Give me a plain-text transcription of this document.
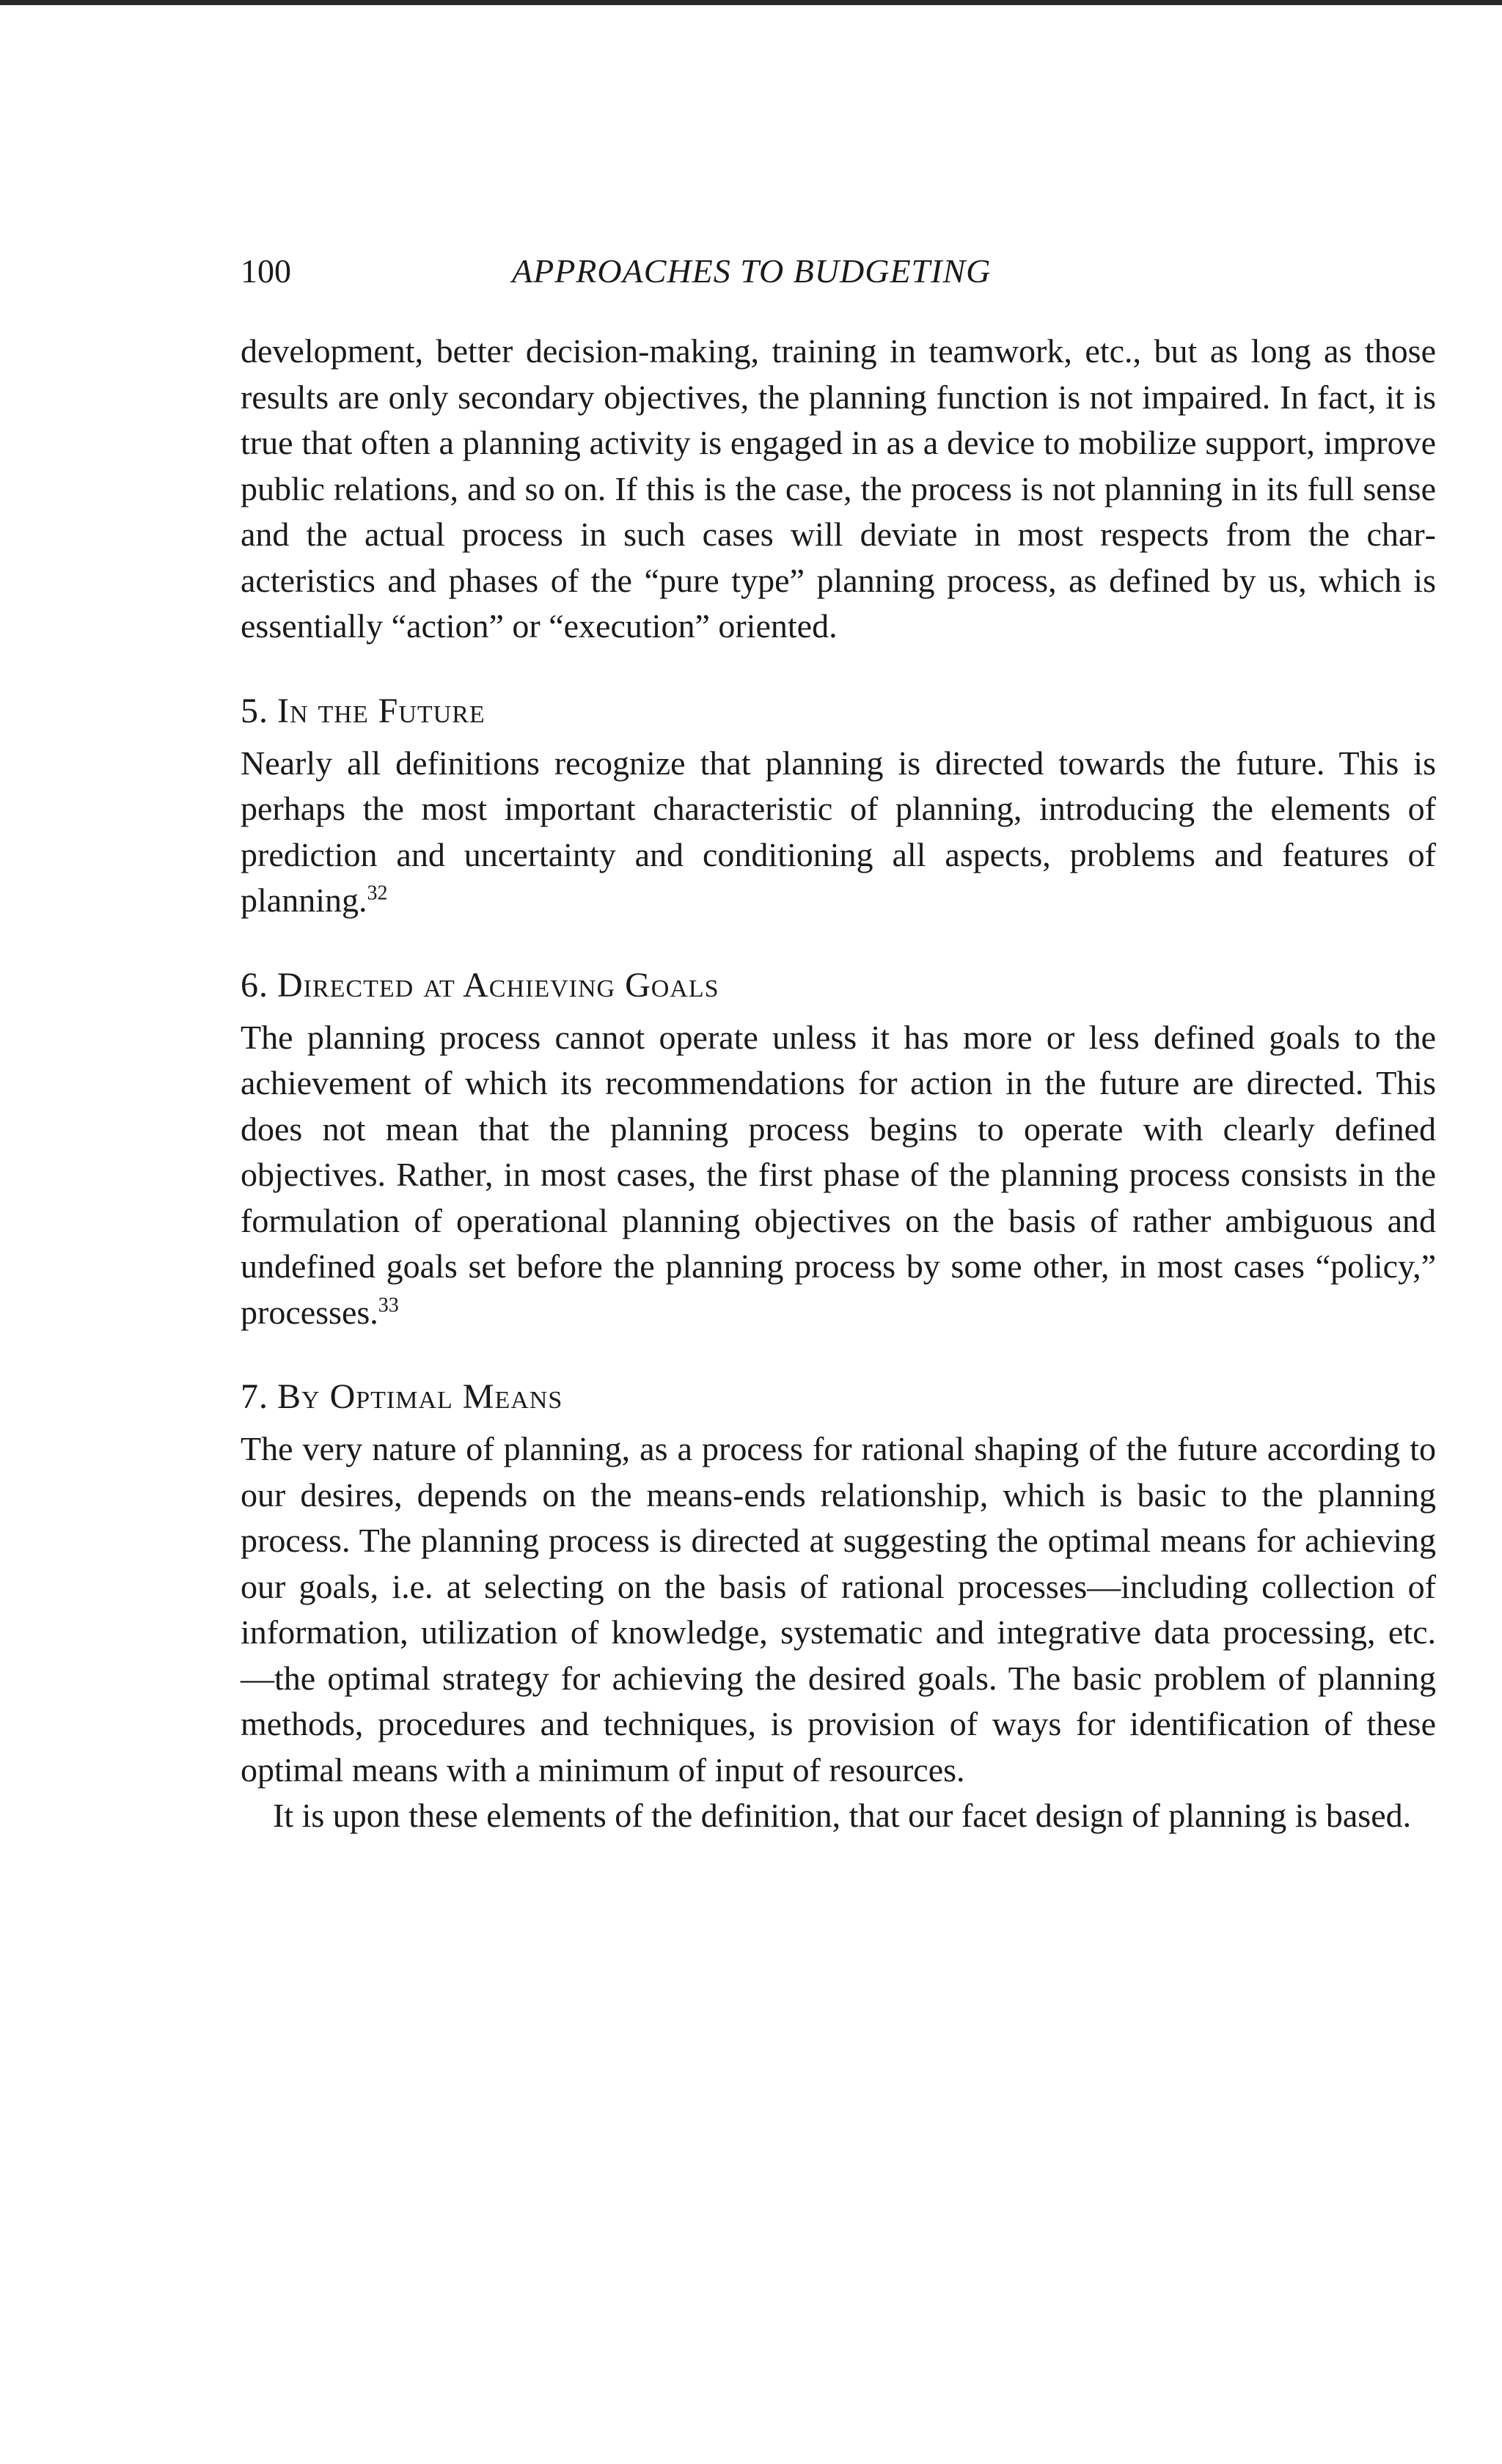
100	APPROACHES TO BUDGETING

development, better decision-making, training in teamwork, etc., but as long as those results are only secondary objectives, the planning function is not impaired. In fact, it is true that often a planning activity is engaged in as a device to mobilize support, improve public relations, and so on. If this is the case, the process is not planning in its full sense and the actual process in such cases will deviate in most respects from the characteristics and phases of the “pure type” planning process, as defined by us, which is essentially “action” or “execution” oriented.

5. In the Future

Nearly all definitions recognize that planning is directed towards the future. This is perhaps the most important characteristic of planning, introducing the elements of prediction and uncertainty and conditioning all aspects, problems and features of planning.$^{32}$

6. Directed at Achieving Goals

The planning process cannot operate unless it has more or less defined goals to the achievement of which its recommendations for action in the future are directed. This does not mean that the planning process begins to operate with clearly defined objectives. Rather, in most cases, the first phase of the planning process consists in the formulation of operational planning objectives on the basis of rather ambiguous and undefined goals set before the planning process by some other, in most cases “policy,” processes.$^{33}$

7. By Optimal Means

The very nature of planning, as a process for rational shaping of the future according to our desires, depends on the means-ends relationship, which is basic to the planning process. The planning process is directed at suggesting the optimal means for achieving our goals, i.e. at selecting on the basis of rational processes—including collection of information, utilization of knowledge, systematic and integrative data processing, etc. —the optimal strategy for achieving the desired goals. The basic problem of planning methods, procedures and techniques, is provision of ways for identification of these optimal means with a minimum of input of resources.

It is upon these elements of the definition, that our facet design of planning is based.
